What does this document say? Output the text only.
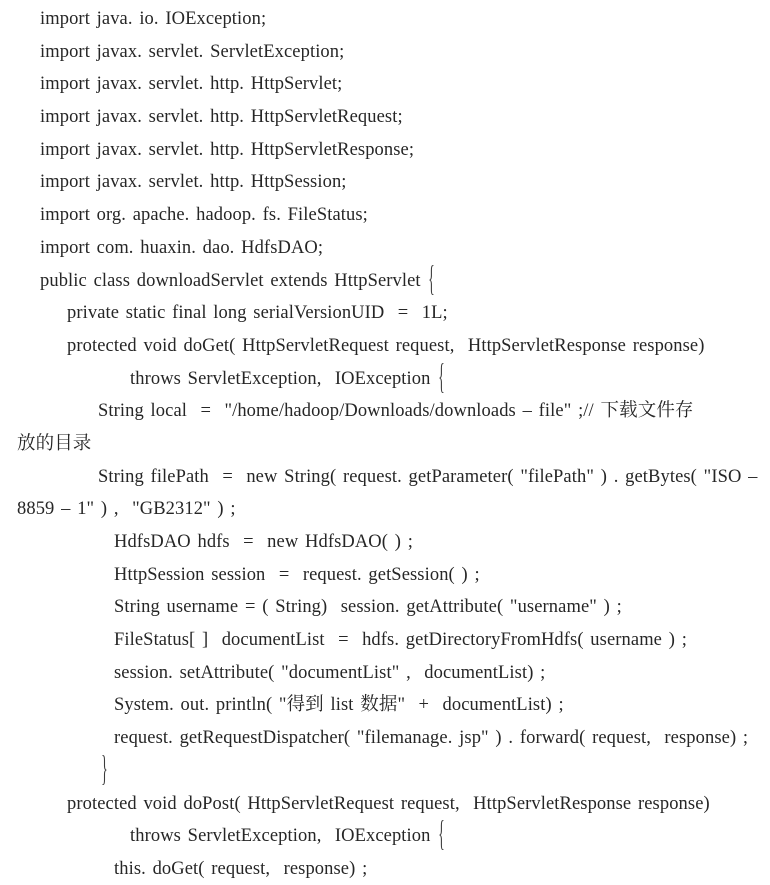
import java. io. IOException;
import javax. servlet. ServletException;
import javax. servlet. http. HttpServlet;
import javax. servlet. http. HttpServletRequest;
import javax. servlet. http. HttpServletResponse;
import javax. servlet. http. HttpSession;
import org. apache. hadoop. fs. FileStatus;
import com. huaxin. dao. HdfsDAO;
public class downloadServlet extends HttpServlet {
private static final long serialVersionUID  =  1L;
protected void doGet( HttpServletRequest request,  HttpServletResponse response)
throws ServletException,  IOException {
String local  =  "/home/hadoop/Downloads/downloads – file" ;// 下载文件存
放的目录
String filePath  =  new String( request. getParameter( "filePath" ) . getBytes( "ISO –
8859 – 1" ) ,  "GB2312" ) ;
HdfsDAO hdfs  =  new HdfsDAO( ) ;
HttpSession session  =  request. getSession( ) ;
String username = ( String)  session. getAttribute( "username" ) ;
FileStatus[ ]  documentList  =  hdfs. getDirectoryFromHdfs( username ) ;
session. setAttribute( "documentList" ,  documentList) ;
System. out. println( "得到 list 数据"  +  documentList) ;
request. getRequestDispatcher( "filemanage. jsp" ) . forward( request,  response) ;
}
protected void doPost( HttpServletRequest request,  HttpServletResponse response)
throws ServletException,  IOException {
this. doGet( request,  response) ;
